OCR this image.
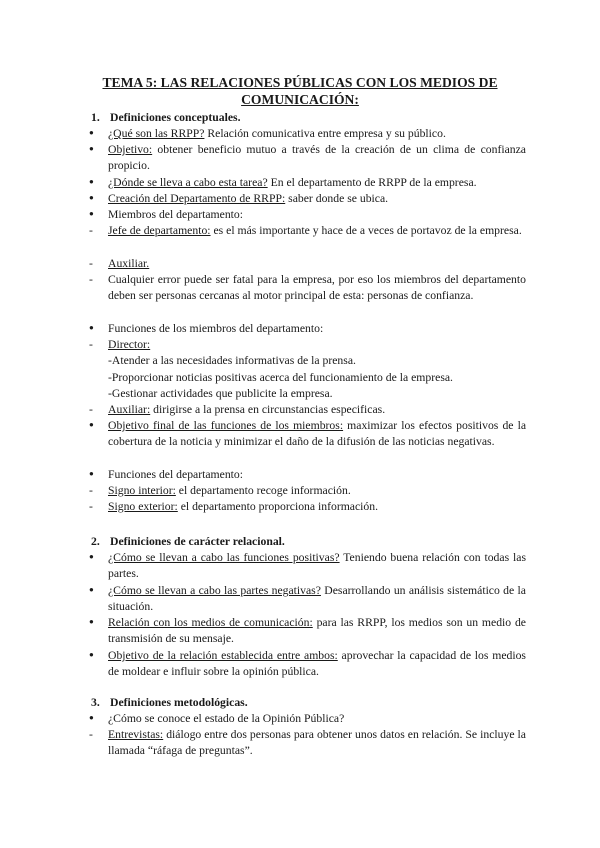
TEMA 5: LAS RELACIONES PÚBLICAS CON LOS MEDIOS DE COMUNICACIÓN:
1. Definiciones conceptuales.
●
¿Qué son las RRPP? Relación comunicativa entre empresa y su público.
●
Objetivo: obtener beneficio mutuo a través de la creación de un clima de confianza propicio.
●
¿Dónde se lleva a cabo esta tarea? En el departamento de RRPP de la empresa.
●
Creación del Departamento de RRPP: saber donde se ubica.
●
Miembros del departamento:
-
Jefe de departamento: es el más importante y hace de a veces de portavoz de la empresa.
-
Auxiliar.
-
Cualquier error puede ser fatal para la empresa, por eso los miembros del departamento deben ser personas cercanas al motor principal de esta: personas de confianza.
●
Funciones de los miembros del departamento:
-
Director:
-Atender a las necesidades informativas de la prensa.
-Proporcionar noticias positivas acerca del funcionamiento de la empresa.
-Gestionar actividades que publicite la empresa.
-
Auxiliar: dirigirse a la prensa en circunstancias especificas.
●
Objetivo final de las funciones de los miembros: maximizar los efectos positivos de la cobertura de la noticia y minimizar el daño de la difusión de las noticias negativas.
●
Funciones del departamento:
-
Signo interior: el departamento recoge información.
-
Signo exterior: el departamento proporciona información.
2. Definiciones de carácter relacional.
●
¿Cómo se llevan a cabo las funciones positivas? Teniendo buena relación con todas las partes.
●
¿Cómo se llevan a cabo las partes negativas? Desarrollando un análisis sistemático de la situación.
●
Relación con los medios de comunicación: para las RRPP, los medios son un medio de transmisión de su mensaje.
●
Objetivo de la relación establecida entre ambos: aprovechar la capacidad de los medios de moldear e influir sobre la opinión pública.
3. Definiciones metodológicas.
●
¿Cómo se conoce el estado de la Opinión Pública?
-
Entrevistas: diálogo entre dos personas para obtener unos datos en relación. Se incluye la llamada “ráfaga de preguntas”.
